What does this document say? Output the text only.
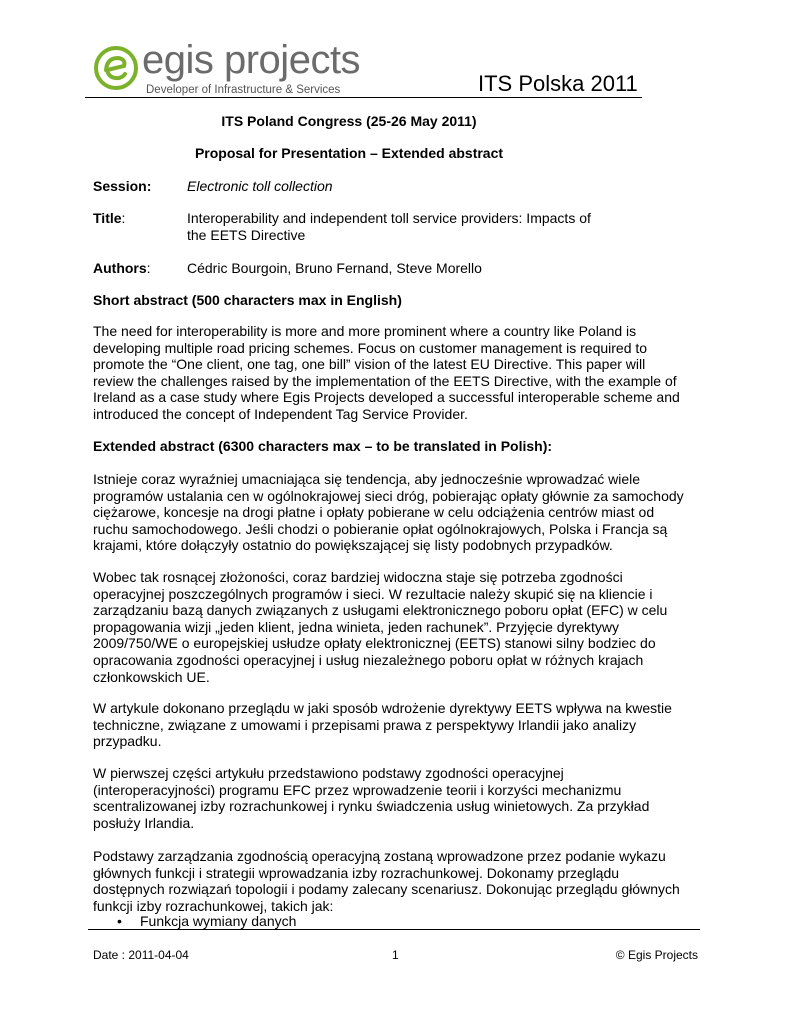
egis projects
Developer of Infrastructure & Services	ITS Polska 2011
ITS Poland Congress (25-26 May 2011)
Proposal for Presentation – Extended abstract
Session:	Electronic toll collection
Title:	Interoperability and independent toll service providers: Impacts of
the EETS Directive
Authors:	Cédric Bourgoin, Bruno Fernand, Steve Morello
Short abstract (500 characters max in English)
The need for interoperability is more and more prominent where a country like Poland is
developing multiple road pricing schemes. Focus on customer management is required to
promote the “One client, one tag, one bill” vision of the latest EU Directive. This paper will
review the challenges raised by the implementation of the EETS Directive, with the example of
Ireland as a case study where Egis Projects developed a successful interoperable scheme and
introduced the concept of Independent Tag Service Provider.
Extended abstract (6300 characters max – to be translated in Polish):
Istnieje coraz wyraźniej umacniająca się tendencja, aby jednocześnie wprowadzać wiele
programów ustalania cen w ogólnokrajowej sieci dróg, pobierając opłaty głównie za samochody
ciężarowe, koncesje na drogi płatne i opłaty pobierane w celu odciążenia centrów miast od
ruchu samochodowego. Jeśli chodzi o pobieranie opłat ogólnokrajowych, Polska i Francja są
krajami, które dołączyły ostatnio do powiększającej się listy podobnych przypadków.
Wobec tak rosnącej złożoności, coraz bardziej widoczna staje się potrzeba zgodności
operacyjnej poszczególnych programów i sieci. W rezultacie należy skupić się na kliencie i
zarządzaniu bazą danych związanych z usługami elektronicznego poboru opłat (EFC) w celu
propagowania wizji „jeden klient, jedna winieta, jeden rachunek”. Przyjęcie dyrektywy
2009/750/WE o europejskiej usłudze opłaty elektronicznej (EETS) stanowi silny bodziec do
opracowania zgodności operacyjnej i usług niezależnego poboru opłat w różnych krajach
członkowskich UE.
W artykule dokonano przeglądu w jaki sposób wdrożenie dyrektywy EETS wpływa na kwestie
techniczne, związane z umowami i przepisami prawa z perspektywy Irlandii jako analizy
przypadku.
W pierwszej części artykułu przedstawiono podstawy zgodności operacyjnej
(interoperacyjności) programu EFC przez wprowadzenie teorii i korzyści mechanizmu
scentralizowanej izby rozrachunkowej i rynku świadczenia usług winietowych. Za przykład
posłuży Irlandia.
Podstawy zarządzania zgodnością operacyjną zostaną wprowadzone przez podanie wykazu
głównych funkcji i strategii wprowadzania izby rozrachunkowej. Dokonamy przeglądu
dostępnych rozwiązań topologii i podamy zalecany scenariusz. Dokonując przeglądu głównych
funkcji izby rozrachunkowej, takich jak:
• Funkcja wymiany danych
Date : 2011-04-04	1	© Egis Projects
